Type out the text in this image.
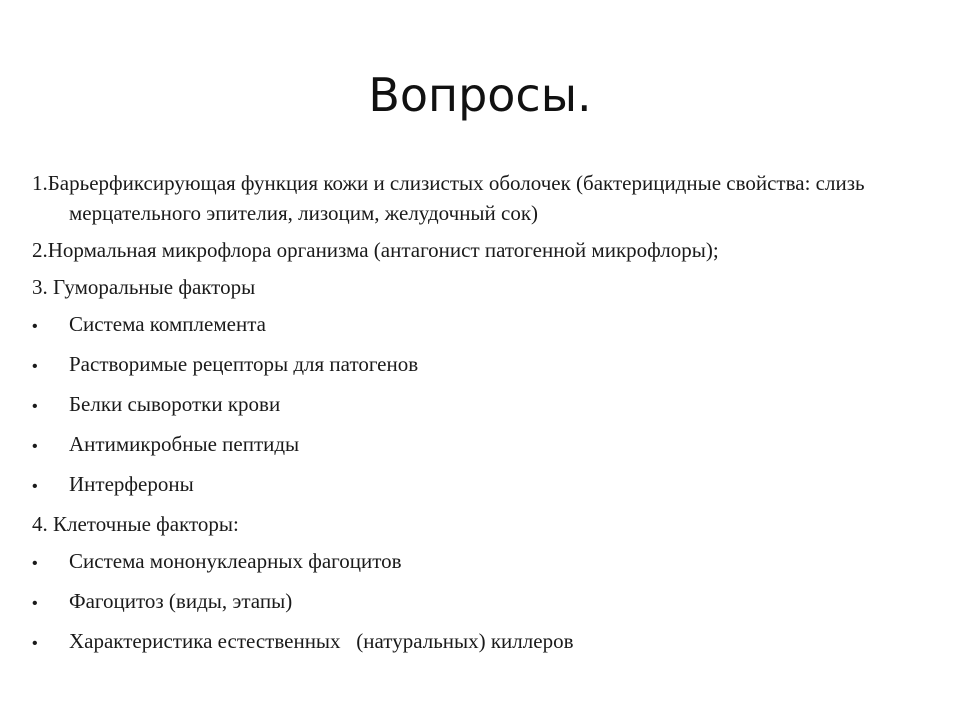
Вопросы.
1.Барьерфиксирующая функция кожи и слизистых оболочек (бактерицидные свойства: слизь мерцательного эпителия, лизоцим, желудочный сок)
2.Нормальная микрофлора организма (антагонист патогенной микрофлоры);
3. Гуморальные факторы
•	Система комплемента
•	Растворимые рецепторы для патогенов
•	Белки сыворотки крови
•	Антимикробные пептиды
•	Интерфероны
4. Клеточные факторы:
•	Система мононуклеарных фагоцитов
•	Фагоцитоз (виды, этапы)
•	Характеристика естественных   (натуральных) киллеров
